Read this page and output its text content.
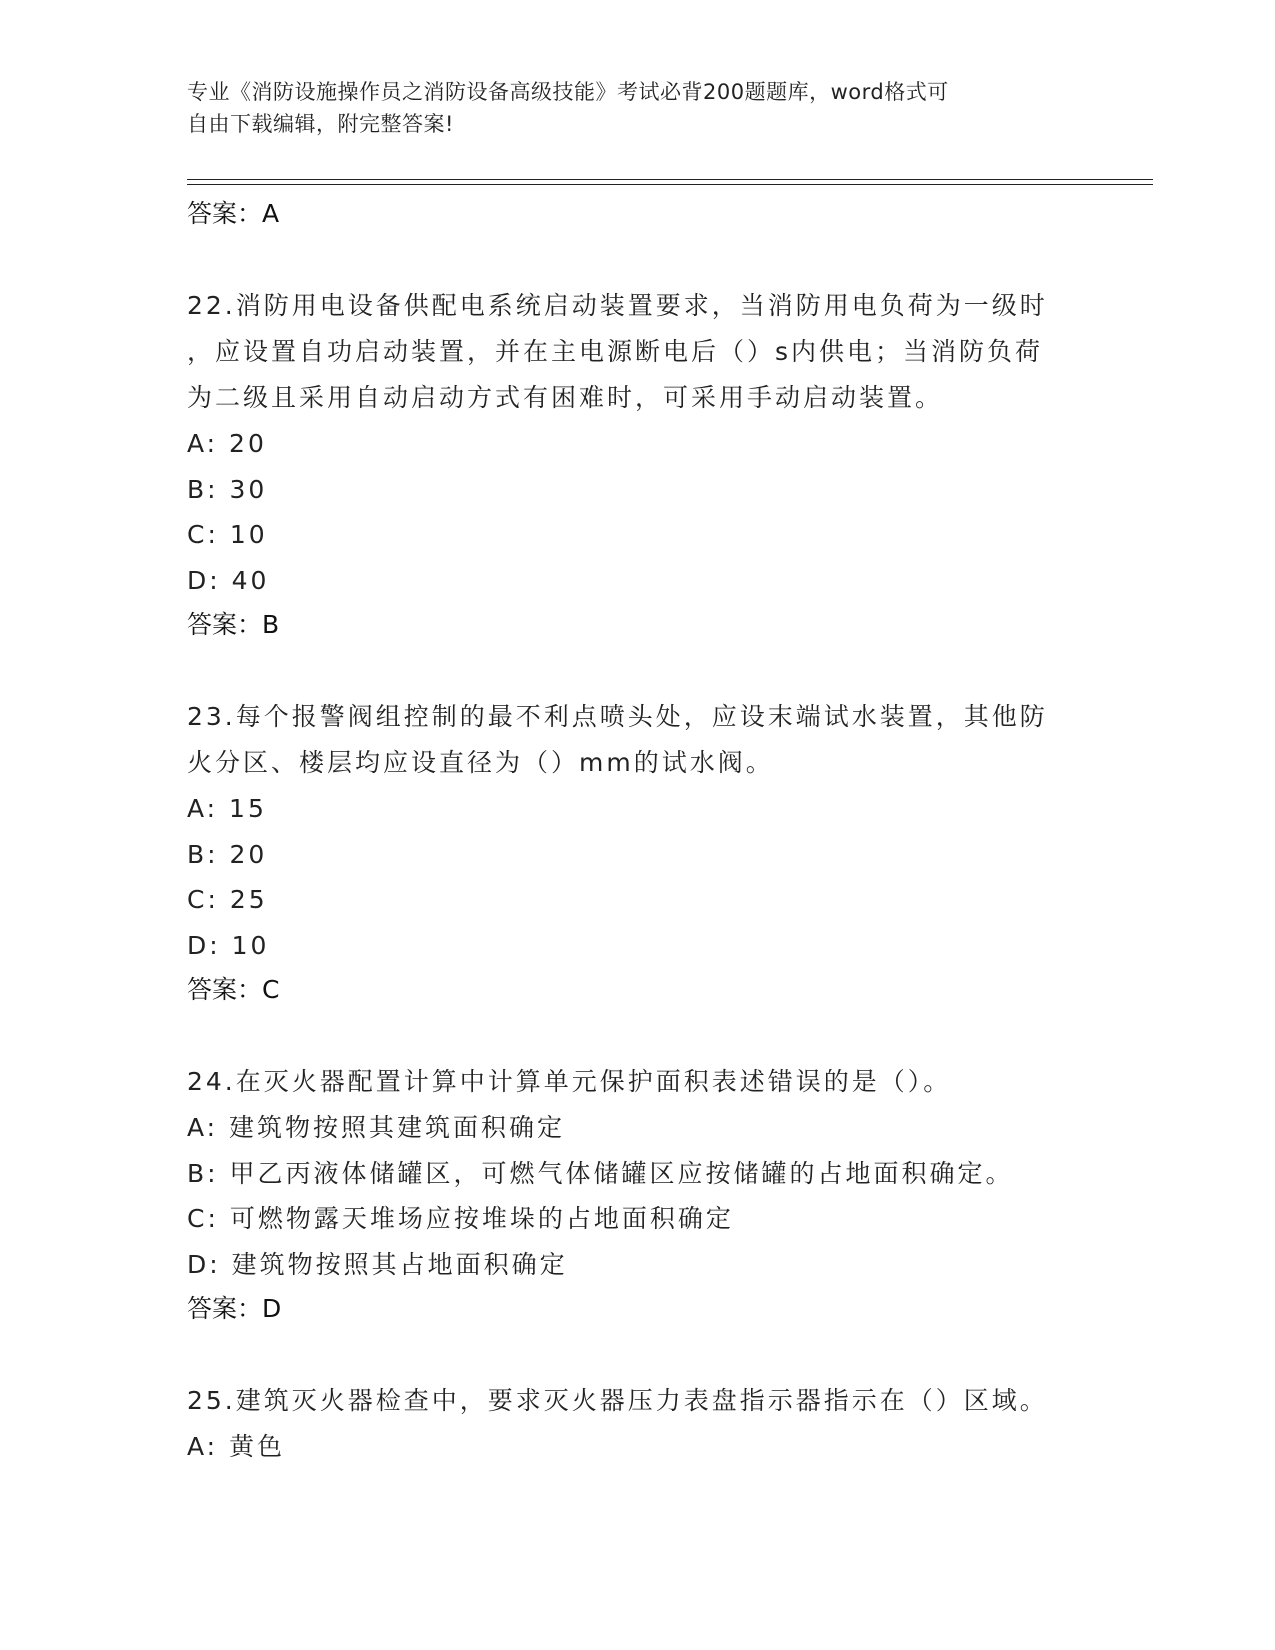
专业《消防设施操作员之消防设备高级技能》考试必背200题题库，word格式可
自由下载编辑，附完整答案!
答案：A
22.消防用电设备供配电系统启动装置要求，当消防用电负荷为一级时
，应设置自功启动装置，并在主电源断电后（）s内供电；当消防负荷
为二级且采用自动启动方式有困难时，可采用手动启动装置。
A: 20
B: 30
C: 10
D: 40
答案：B
23.每个报警阀组控制的最不利点喷头处，应设末端试水装置，其他防
火分区、楼层均应设直径为（）mm的试水阀。
A: 15
B: 20
C: 25
D: 10
答案：C
24.在灭火器配置计算中计算单元保护面积表述错误的是（）。
A: 建筑物按照其建筑面积确定
B: 甲乙丙液体储罐区，可燃气体储罐区应按储罐的占地面积确定。
C: 可燃物露天堆场应按堆垛的占地面积确定
D: 建筑物按照其占地面积确定
答案：D
25.建筑灭火器检查中，要求灭火器压力表盘指示器指示在（）区域。
A: 黄色
